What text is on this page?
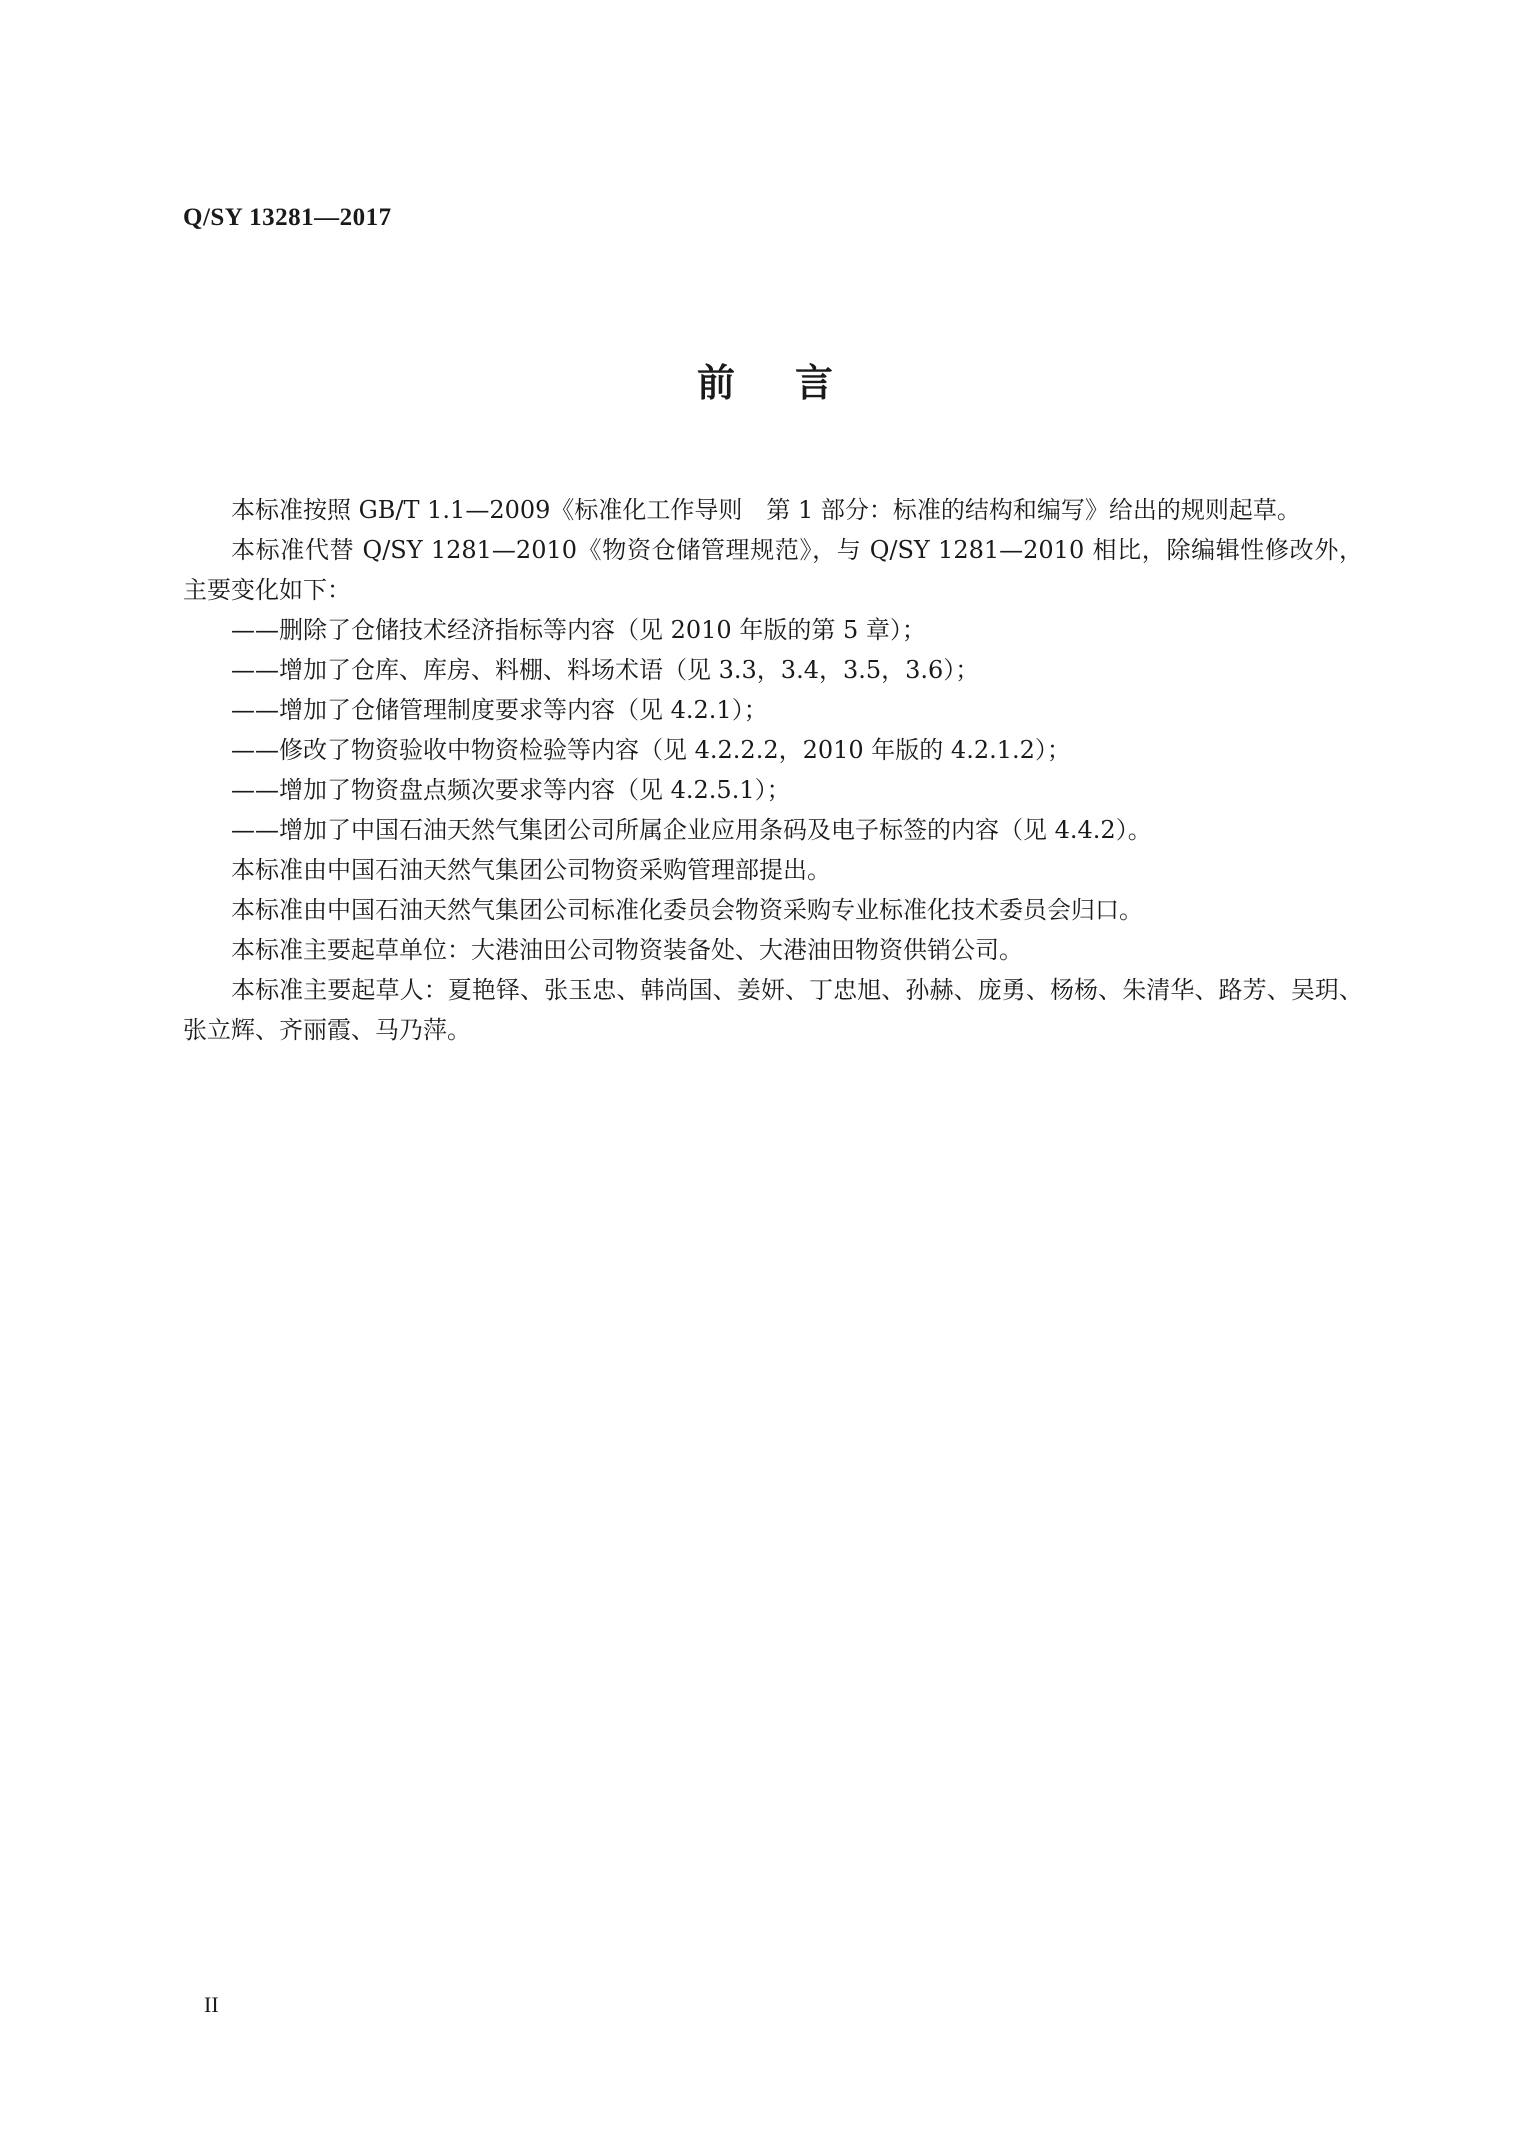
Q/SY 13281—2017
前言

本标准按照 GB/T 1.1—2009《标准化工作导则　第 1 部分：标准的结构和编写》给出的规则起草。

本标准代替 Q/SY 1281—2010《物资仓储管理规范》，与 Q/SY 1281—2010 相比，除编辑性修改外，主要变化如下：

——删除了仓储技术经济指标等内容（见 2010 年版的第 5 章）；

——增加了仓库、库房、料棚、料场术语（见 3.3，3.4，3.5，3.6）；

——增加了仓储管理制度要求等内容（见 4.2.1）；

——修改了物资验收中物资检验等内容（见 4.2.2.2，2010 年版的 4.2.1.2）；

——增加了物资盘点频次要求等内容（见 4.2.5.1）；

——增加了中国石油天然气集团公司所属企业应用条码及电子标签的内容（见 4.4.2）。

本标准由中国石油天然气集团公司物资采购管理部提出。

本标准由中国石油天然气集团公司标准化委员会物资采购专业标准化技术委员会归口。

本标准主要起草单位：大港油田公司物资装备处、大港油田物资供销公司。

本标准主要起草人：夏艳铎、张玉忠、韩尚国、姜妍、丁忠旭、孙赫、庞勇、杨杨、朱清华、路芳、吴玥、张立辉、齐丽霞、马乃萍。

II
